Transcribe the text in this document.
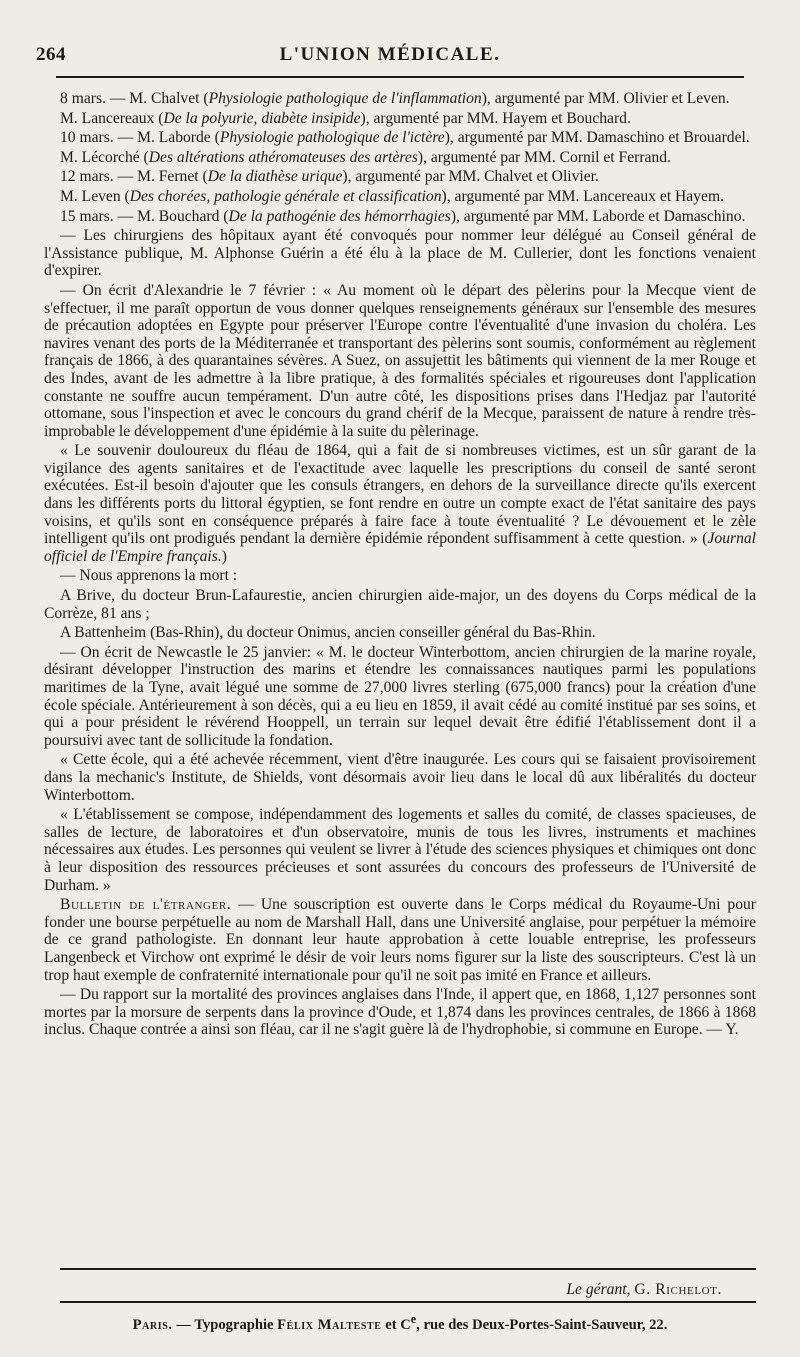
264	L'UNION MÉDICALE.

8 mars. — M. Chalvet (Physiologie pathologique de l'inflammation), argumenté par MM. Olivier et Leven.

M. Lancereaux (De la polyurie, diabète insipide), argumenté par MM. Hayem et Bouchard.

10 mars. — M. Laborde (Physiologie pathologique de l'ictère), argumenté par MM. Damaschino et Brouardel.

M. Lécorché (Des altérations athéromateuses des artères), argumenté par MM. Cornil et Ferrand.

12 mars. — M. Fernet (De la diathèse urique), argumenté par MM. Chalvet et Olivier.

M. Leven (Des chorées, pathologie générale et classification), argumenté par MM. Lancereaux et Hayem.

15 mars. — M. Bouchard (De la pathogénie des hémorrhagies), argumenté par MM. Laborde et Damaschino.

— Les chirurgiens des hôpitaux ayant été convoqués pour nommer leur délégué au Conseil général de l'Assistance publique, M. Alphonse Guérin a été élu à la place de M. Cullerier, dont les fonctions venaient d'expirer.

— On écrit d'Alexandrie le 7 février : « Au moment où le départ des pèlerins pour la Mecque vient de s'effectuer, il me paraît opportun de vous donner quelques renseignements généraux sur l'ensemble des mesures de précaution adoptées en Egypte pour préserver l'Europe contre l'éventualité d'une invasion du choléra. Les navires venant des ports de la Méditerranée et transportant des pèlerins sont soumis, conformément au règlement français de 1866, à des quarantaines sévères. A Suez, on assujettit les bâtiments qui viennent de la mer Rouge et des Indes, avant de les admettre à la libre pratique, à des formalités spéciales et rigoureuses dont l'application constante ne souffre aucun tempérament. D'un autre côté, les dispositions prises dans l'Hedjaz par l'autorité ottomane, sous l'inspection et avec le concours du grand chérif de la Mecque, paraissent de nature à rendre très-improbable le développement d'une épidémie à la suite du pèlerinage.

« Le souvenir douloureux du fléau de 1864, qui a fait de si nombreuses victimes, est un sûr garant de la vigilance des agents sanitaires et de l'exactitude avec laquelle les prescriptions du conseil de santé seront exécutées. Est-il besoin d'ajouter que les consuls étrangers, en dehors de la surveillance directe qu'ils exercent dans les différents ports du littoral égyptien, se font rendre en outre un compte exact de l'état sanitaire des pays voisins, et qu'ils sont en conséquence préparés à faire face à toute éventualité ? Le dévouement et le zèle intelligent qu'ils ont prodigués pendant la dernière épidémie répondent suffisamment à cette question. » (Journal officiel de l'Empire français.)

— Nous apprenons la mort :

A Brive, du docteur Brun-Lafaurestie, ancien chirurgien aide-major, un des doyens du Corps médical de la Corrèze, 81 ans ;

A Battenheim (Bas-Rhin), du docteur Onimus, ancien conseiller général du Bas-Rhin.

— On écrit de Newcastle le 25 janvier: « M. le docteur Winterbottom, ancien chirurgien de la marine royale, désirant développer l'instruction des marins et étendre les connaissances nautiques parmi les populations maritimes de la Tyne, avait légué une somme de 27,000 livres sterling (675,000 francs) pour la création d'une école spéciale. Antérieurement à son décès, qui a eu lieu en 1859, il avait cédé au comité institué par ses soins, et qui a pour président le révérend Hooppell, un terrain sur lequel devait être édifié l'établissement dont il a poursuivi avec tant de sollicitude la fondation.

« Cette école, qui a été achevée récemment, vient d'être inaugurée. Les cours qui se faisaient provisoirement dans la mechanic's Institute, de Shields, vont désormais avoir lieu dans le local dû aux libéralités du docteur Winterbottom.

« L'établissement se compose, indépendamment des logements et salles du comité, de classes spacieuses, de salles de lecture, de laboratoires et d'un observatoire, munis de tous les livres, instruments et machines nécessaires aux études. Les personnes qui veulent se livrer à l'étude des sciences physiques et chimiques ont donc à leur disposition des ressources précieuses et sont assurées du concours des professeurs de l'Université de Durham. »

Bulletin de l'étranger. — Une souscription est ouverte dans le Corps médical du Royaume-Uni pour fonder une bourse perpétuelle au nom de Marshall Hall, dans une Université anglaise, pour perpétuer la mémoire de ce grand pathologiste. En donnant leur haute approbation à cette louable entreprise, les professeurs Langenbeck et Virchow ont exprimé le désir de voir leurs noms figurer sur la liste des souscripteurs. C'est là un trop haut exemple de confraternité internationale pour qu'il ne soit pas imité en France et ailleurs.

— Du rapport sur la mortalité des provinces anglaises dans l'Inde, il appert que, en 1868, 1,127 personnes sont mortes par la morsure de serpents dans la province d'Oude, et 1,874 dans les provinces centrales, de 1866 à 1868 inclus. Chaque contrée a ainsi son fléau, car il ne s'agit guère là de l'hydrophobie, si commune en Europe. — Y.

Le gérant, G. Richelot.
Paris. — Typographie Félix Malteste et Ce, rue des Deux-Portes-Saint-Sauveur, 22.
